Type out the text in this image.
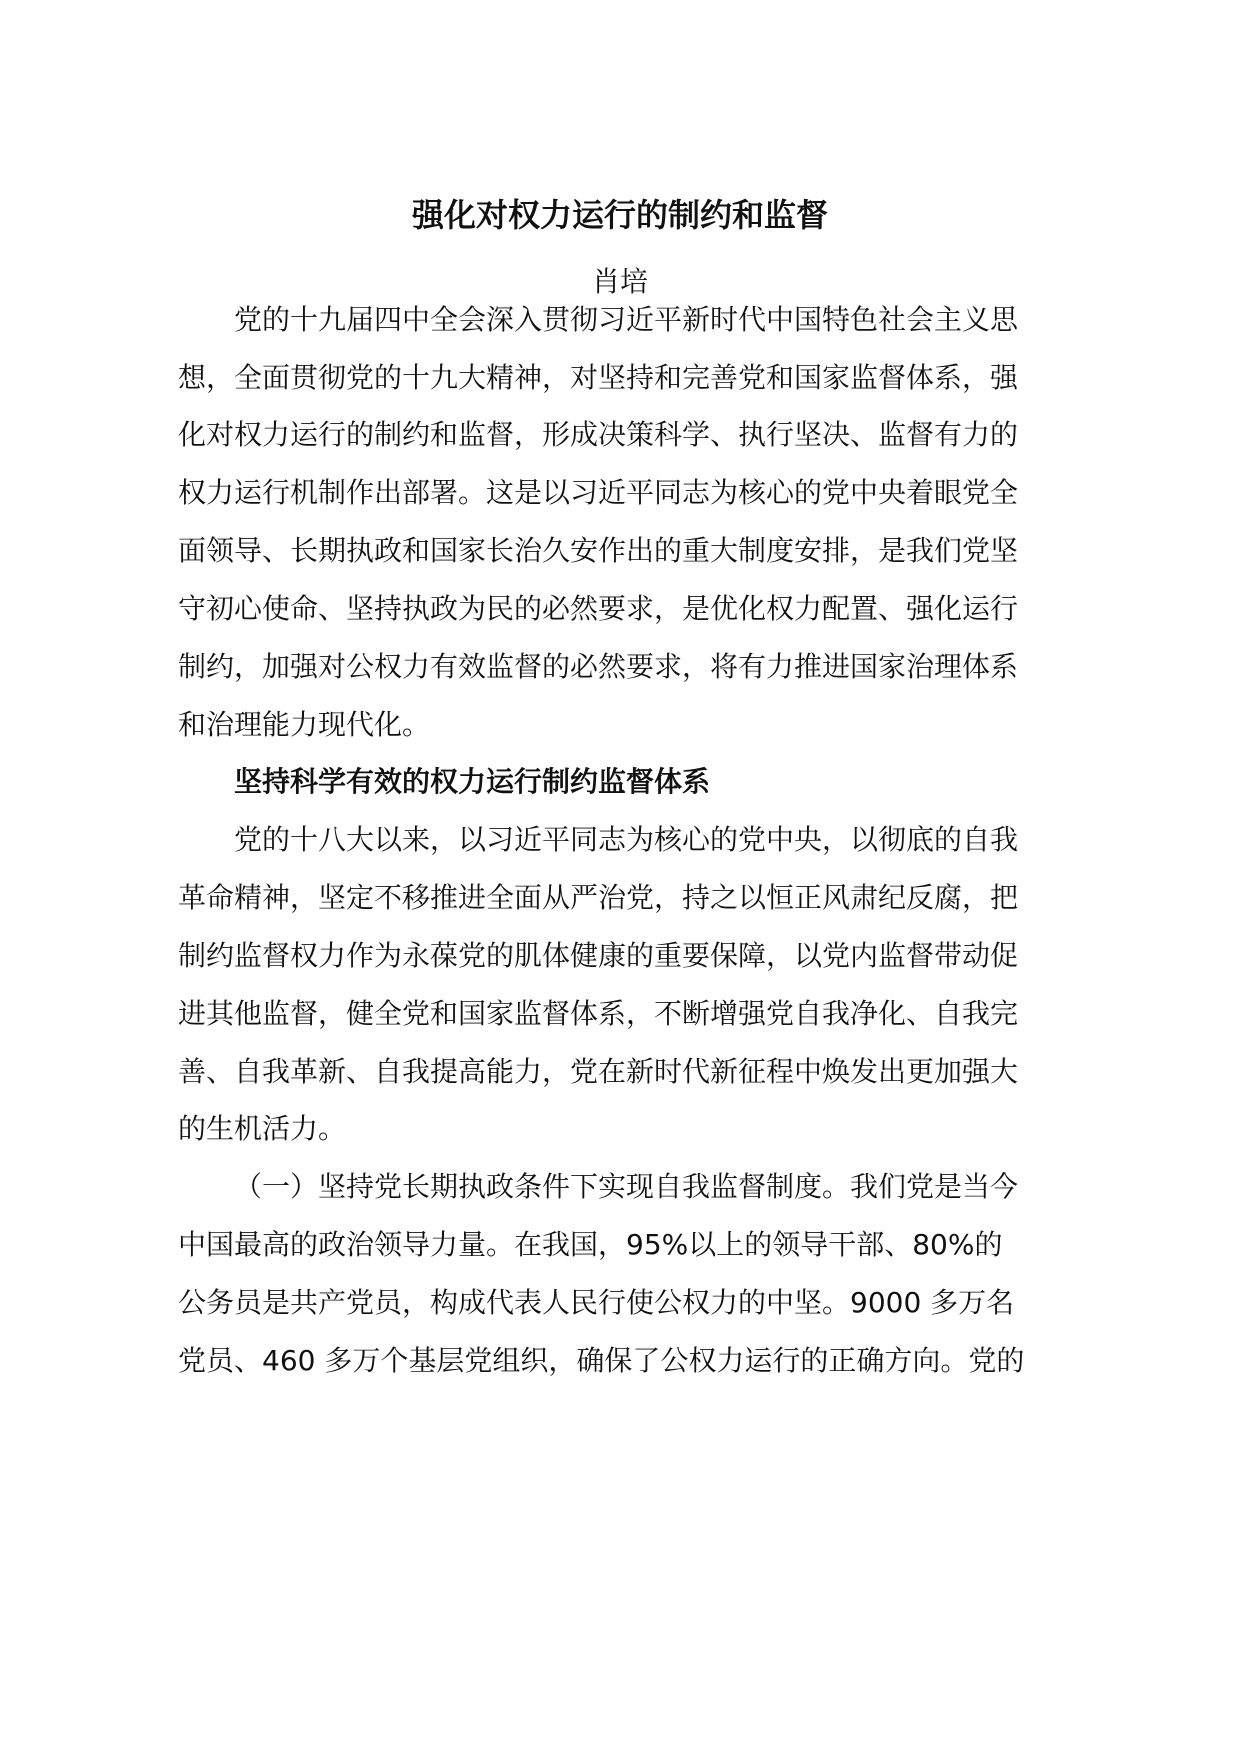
强化对权力运行的制约和监督
肖培
党的十九届四中全会深入贯彻习近平新时代中国特色社会主义思
想，全面贯彻党的十九大精神，对坚持和完善党和国家监督体系，强
化对权力运行的制约和监督，形成决策科学、执行坚决、监督有力的
权力运行机制作出部署。这是以习近平同志为核心的党中央着眼党全
面领导、长期执政和国家长治久安作出的重大制度安排，是我们党坚
守初心使命、坚持执政为民的必然要求，是优化权力配置、强化运行
制约，加强对公权力有效监督的必然要求，将有力推进国家治理体系
和治理能力现代化。
坚持科学有效的权力运行制约监督体系
党的十八大以来，以习近平同志为核心的党中央，以彻底的自我
革命精神，坚定不移推进全面从严治党，持之以恒正风肃纪反腐，把
制约监督权力作为永葆党的肌体健康的重要保障，以党内监督带动促
进其他监督，健全党和国家监督体系，不断增强党自我净化、自我完
善、自我革新、自我提高能力，党在新时代新征程中焕发出更加强大
的生机活力。
（一）坚持党长期执政条件下实现自我监督制度。我们党是当今
中国最高的政治领导力量。在我国，95%以上的领导干部、80%的
公务员是共产党员，构成代表人民行使公权力的中坚。9000 多万名
党员、460 多万个基层党组织，确保了公权力运行的正确方向。党的
